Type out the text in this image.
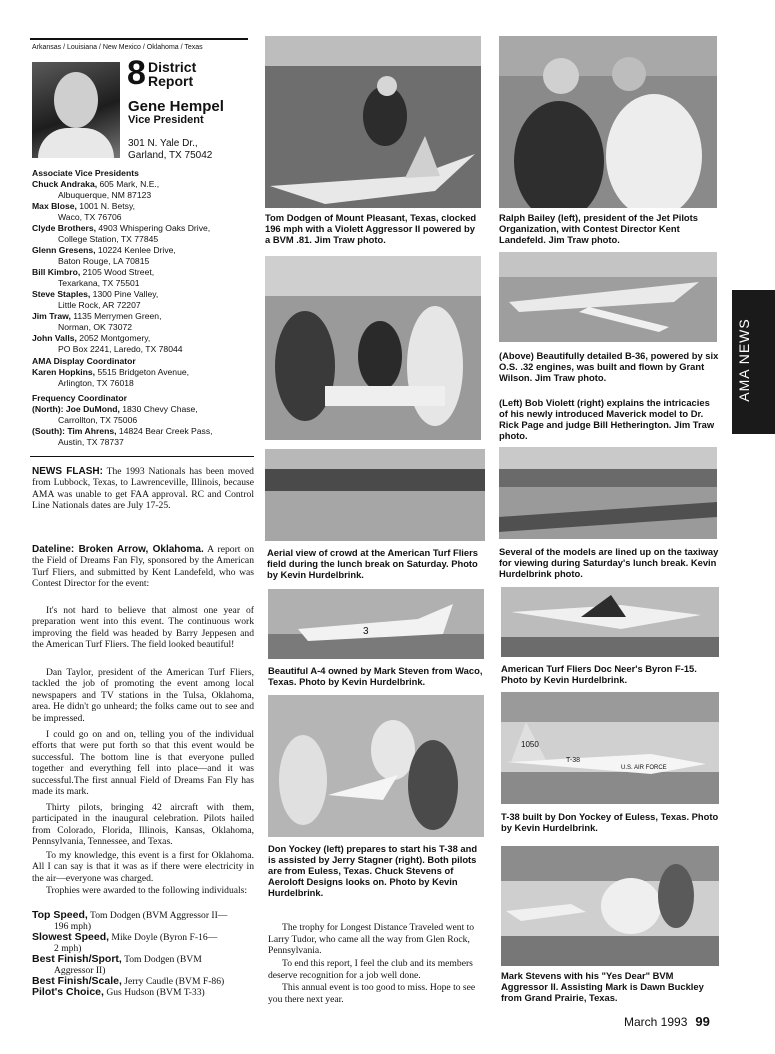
Arkansas / Louisiana / New Mexico / Oklahoma / Texas
8 District
Report
Gene Hempel
Vice President
301 N. Yale Dr.,
Garland, TX 75042
Associate Vice Presidents
Chuck Andraka, 605 Mark, N.E.,
Albuquerque, NM 87123
Max Blose, 1001 N. Betsy,
Waco, TX 76706
Clyde Brothers, 4903 Whispering Oaks Drive,
College Station, TX 77845
Glenn Gresens, 10224 Kenlee Drive,
Baton Rouge, LA 70815
Bill Kimbro, 2105 Wood Street,
Texarkana, TX 75501
Steve Staples, 1300 Pine Valley,
Little Rock, AR 72207
Jim Traw, 1135 Merrymen Green,
Norman, OK 73072
John Valls, 2052 Montgomery,
PO Box 2241, Laredo, TX 78044
AMA Display Coordinator
Karen Hopkins, 5515 Bridgeton Avenue,
Arlington, TX 76018
Frequency Coordinator
(North): Joe DuMond, 1830 Chevy Chase,
Carrollton, TX 75006
(South): Tim Ahrens, 14824 Bear Creek Pass,
Austin, TX 78737
NEWS FLASH: The 1993 Nationals has been moved from Lubbock, Texas, to Lawrenceville, Illinois, because AMA was unable to get FAA approval. RC and Control Line Nationals dates are July 17-25.
Dateline: Broken Arrow, Oklahoma. A report on the Field of Dreams Fan Fly, sponsored by the American Turf Fliers, and submitted by Kent Landefeld, who was Contest Director for the event:
It's not hard to believe that almost one year of preparation went into this event. The continuous work improving the field was headed by Barry Jeppesen and the American Turf Fliers. The field looked beautiful!
Dan Taylor, president of the American Turf Fliers, tackled the job of promoting the event among local newspapers and TV stations in the Tulsa, Oklahoma, area. He didn't go unheard; the folks came out to see and be impressed.
I could go on and on, telling you of the individual efforts that were put forth so that this event would be successful. The bottom line is that everyone pulled together and everything fell into place—and it was successful.The first annual Field of Dreams Fan Fly has made its mark.
Thirty pilots, bringing 42 aircraft with them, participated in the inaugural celebration. Pilots hailed from Colorado, Florida, Illinois, Kansas, Oklahoma, Pennsylvania, Tennessee, and Texas.
To my knowledge, this event is a first for Oklahoma. All I can say is that it was as if there were electricity in the air—everyone was charged.
Trophies were awarded to the following individuals:
Top Speed, Tom Dodgen (BVM Aggressor II—
196 mph)
Slowest Speed, Mike Doyle (Byron F-16—
2 mph)
Best Finish/Sport, Tom Dodgen (BVM
Aggressor II)
Best Finish/Scale, Jerry Caudle (BVM F-86)
Pilot's Choice, Gus Hudson (BVM T-33)
Tom Dodgen of Mount Pleasant, Texas, clocked 196 mph with a Violett Aggressor II powered by a BVM .81. Jim Traw photo.
Aerial view of crowd at the American Turf Fliers field during the lunch break on Saturday. Photo by Kevin Hurdelbrink.
3
Beautiful A-4 owned by Mark Steven from Waco, Texas. Photo by Kevin Hurdelbrink.
Don Yockey (left) prepares to start his T-38 and is assisted by Jerry Stagner (right). Both pilots are from Euless, Texas. Chuck Stevens of Aeroloft Designs looks on. Photo by Kevin Hurdelbrink.
The trophy for Longest Distance Traveled went to Larry Tudor, who came all the way from Glen Rock, Pennsylvania.
To end this report, I feel the club and its members deserve recognition for a job well done.
This annual event is too good to miss. Hope to see you there next year.
Ralph Bailey (left), president of the Jet Pilots Organization, with Contest Director Kent Landefeld. Jim Traw photo.
(Above) Beautifully detailed B-36, powered by six O.S. .32 engines, was built and flown by Grant Wilson. Jim Traw photo.
(Left) Bob Violett (right) explains the intricacies of his newly introduced Maverick model to Dr. Rick Page and judge Bill Hetherington. Jim Traw photo.
Several of the models are lined up on the taxiway for viewing during Saturday's lunch break. Kevin Hurdelbrink photo.
American Turf Fliers Doc Neer's Byron F-15. Photo by Kevin Hurdelbrink.
1050
T-38
U.S. AIR FORCE
T-38 built by Don Yockey of Euless, Texas. Photo by Kevin Hurdelbrink.
Mark Stevens with his "Yes Dear" BVM Aggressor II. Assisting Mark is Dawn Buckley from Grand Prairie, Texas.
AMA NEWS
March 1993 99
